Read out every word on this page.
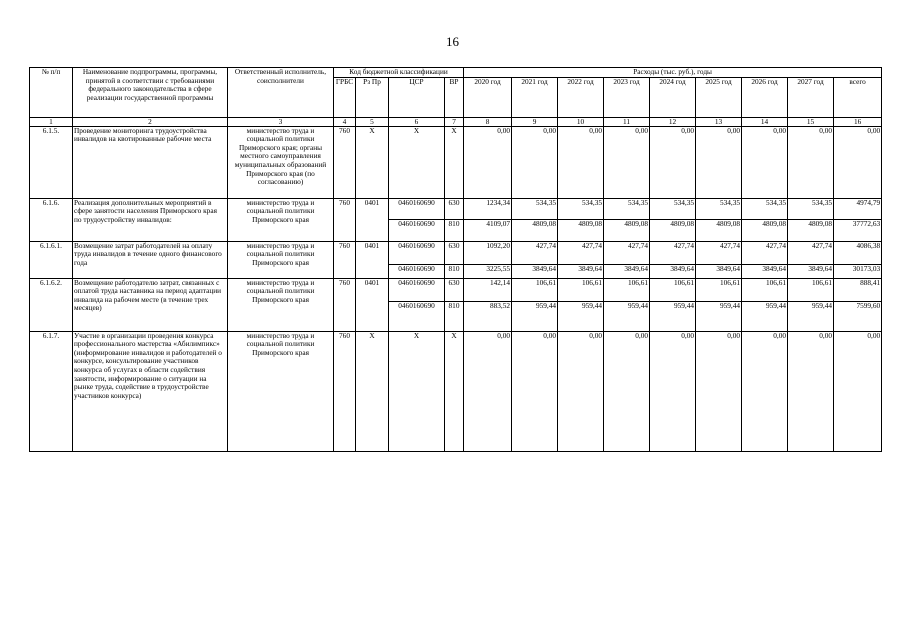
16
№ п/п	Наименование подпрограммы, программы, принятой в соответствии с требованиями федерального законодательства в сфере реализации государственной программы	Ответственный исполнитель, соисполнители	Код бюджетной классификации				Расходы (тыс. руб.), годы								
			ГРБС	Рз Пр	ЦСР	ВР	2020 год	2021 год	2022 год	2023 год	2024 год	2025 год	2026 год	2027 год	всего
1	2	3	4	5	6	7	8	9	10	11	12	13	14	15	16
6.1.5.	Проведение мониторинга трудоустройства инвалидов на квотированные рабочие места	министерство труда и социальной политики Приморского края; органы местного самоуправления муниципальных образований Приморского края (по согласованию)	760	X	X	X	0,00	0,00	0,00	0,00	0,00	0,00	0,00	0,00	0,00
6.1.6.	Реализация дополнительных мероприятий в сфере занятости населения Приморского края по трудоустройству инвалидов:	министерство труда и социальной политики Приморского края	760	0401	0460160690	630	1234,34	534,35	534,35	534,35	534,35	534,35	534,35	534,35	4974,79
					0460160690	810	4109,07	4809,08	4809,08	4809,08	4809,08	4809,08	4809,08	4809,08	37772,63
6.1.6.1.	Возмещение затрат работодателей на оплату труда инвалидов в течение одного финансового года	министерство труда и социальной политики Приморского края	760	0401	0460160690	630	1092,20	427,74	427,74	427,74	427,74	427,74	427,74	427,74	4086,38
					0460160690	810	3225,55	3849,64	3849,64	3849,64	3849,64	3849,64	3849,64	3849,64	30173,03
6.1.6.2.	Возмещение работодателю затрат, связанных с оплатой труда наставника на период адаптации инвалида на рабочем месте (в течение трех месяцев)	министерство труда и социальной политики Приморского края	760	0401	0460160690	630	142,14	106,61	106,61	106,61	106,61	106,61	106,61	106,61	888,41
					0460160690	810	883,52	959,44	959,44	959,44	959,44	959,44	959,44	959,44	7599,60
6.1.7.	Участие в организации проведения конкурса профессионального мастерства «Абилимпикс» (информирование инвалидов и работодателей о конкурсе, консультирование участников конкурса об услугах в области содействия занятости, информирование о ситуации на рынке труда, содействие в трудоустройстве участников конкурса)	министерство труда и социальной политики Приморского края	760	X	X	X	0,00	0,00	0,00	0,00	0,00	0,00	0,00	0,00	0,00
